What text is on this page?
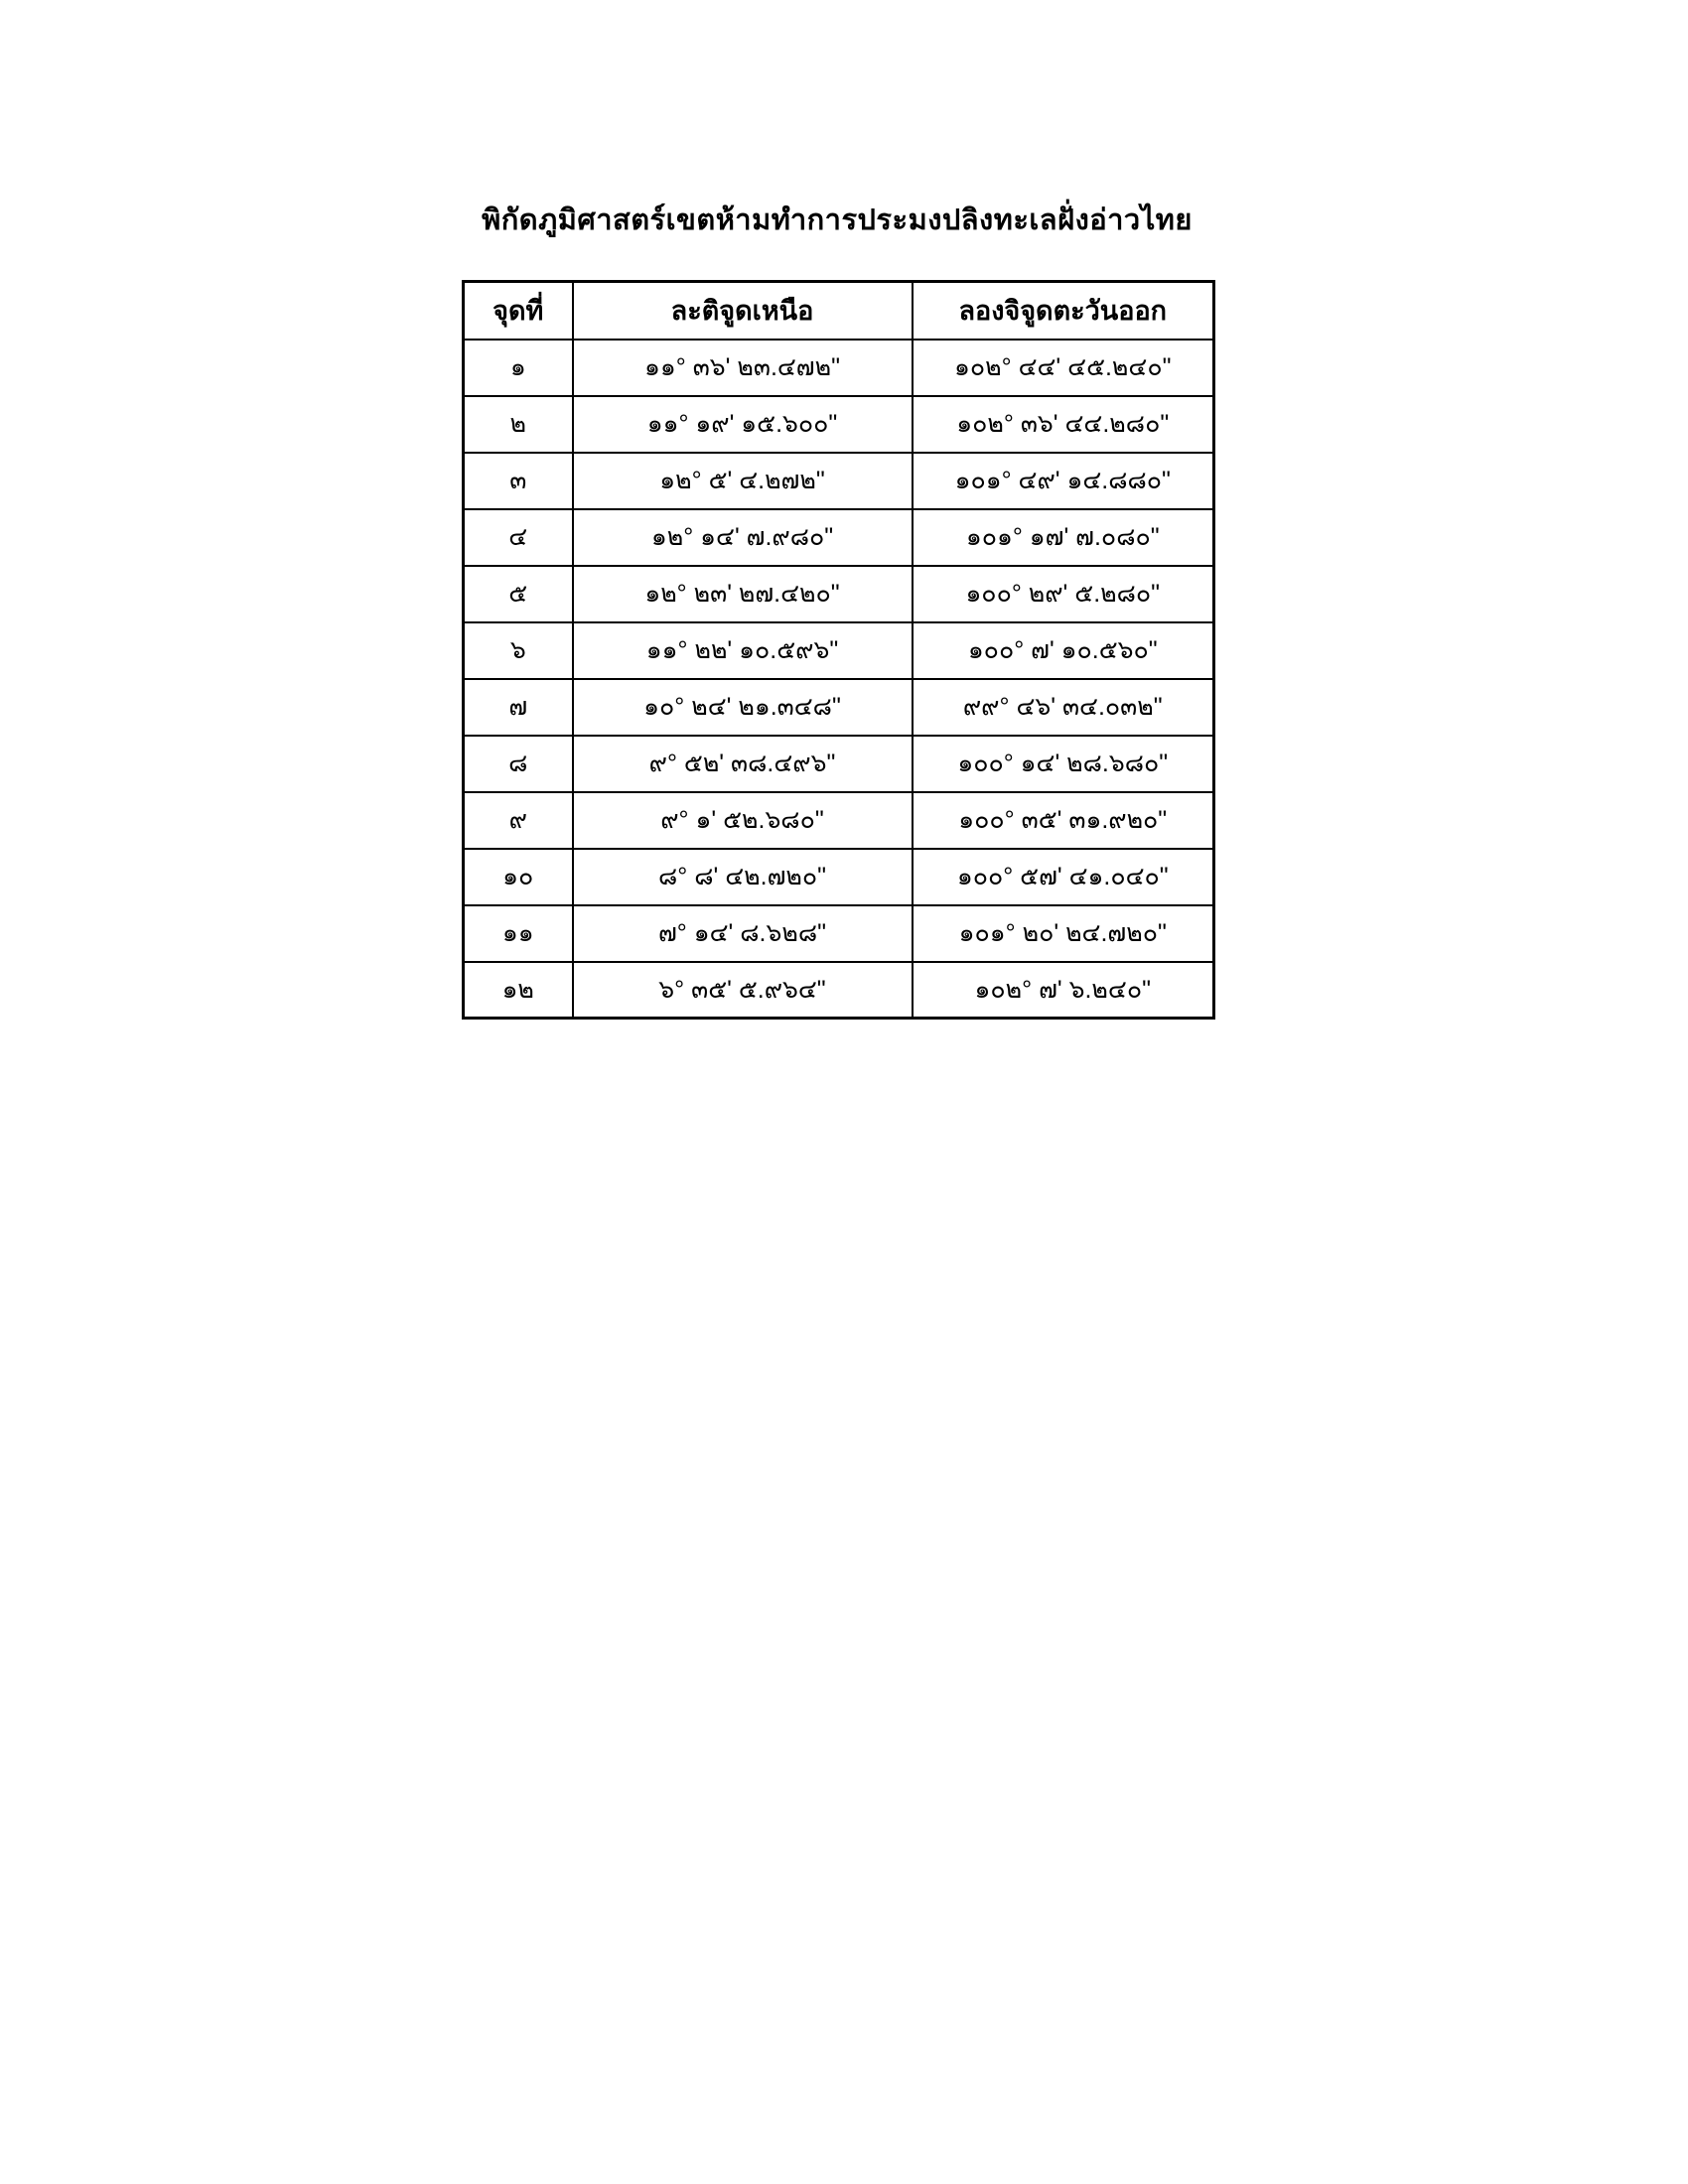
พิกัดภูมิศาสตร์เขตห้ามทำการประมงปลิงทะเลฝั่งอ่าวไทย
จุดที่	ละติจูดเหนือ	ลองจิจูดตะวันออก
๑	๑๑° ๓๖' ๒๓.๔๗๒"	๑๐๒° ๔๔' ๔๕.๒๔๐"
๒	๑๑° ๑๙' ๑๕.๖๐๐"	๑๐๒° ๓๖' ๔๔.๒๘๐"
๓	๑๒° ๕' ๔.๒๗๒"	๑๐๑° ๔๙' ๑๔.๘๘๐"
๔	๑๒° ๑๔' ๗.๙๘๐"	๑๐๑° ๑๗' ๗.๐๘๐"
๕	๑๒° ๒๓' ๒๗.๔๒๐"	๑๐๐° ๒๙' ๕.๒๘๐"
๖	๑๑° ๒๒' ๑๐.๕๙๖"	๑๐๐° ๗' ๑๐.๕๖๐"
๗	๑๐° ๒๔' ๒๑.๓๔๘"	๙๙° ๔๖' ๓๔.๐๓๒"
๘	๙° ๕๒' ๓๘.๔๙๖"	๑๐๐° ๑๔' ๒๘.๖๘๐"
๙	๙° ๑' ๕๒.๖๘๐"	๑๐๐° ๓๕' ๓๑.๙๒๐"
๑๐	๘° ๘' ๔๒.๗๒๐"	๑๐๐° ๕๗' ๔๑.๐๔๐"
๑๑	๗° ๑๔' ๘.๖๒๘"	๑๐๑° ๒๐' ๒๔.๗๒๐"
๑๒	๖° ๓๕' ๕.๙๖๔"	๑๐๒° ๗' ๖.๒๔๐"
